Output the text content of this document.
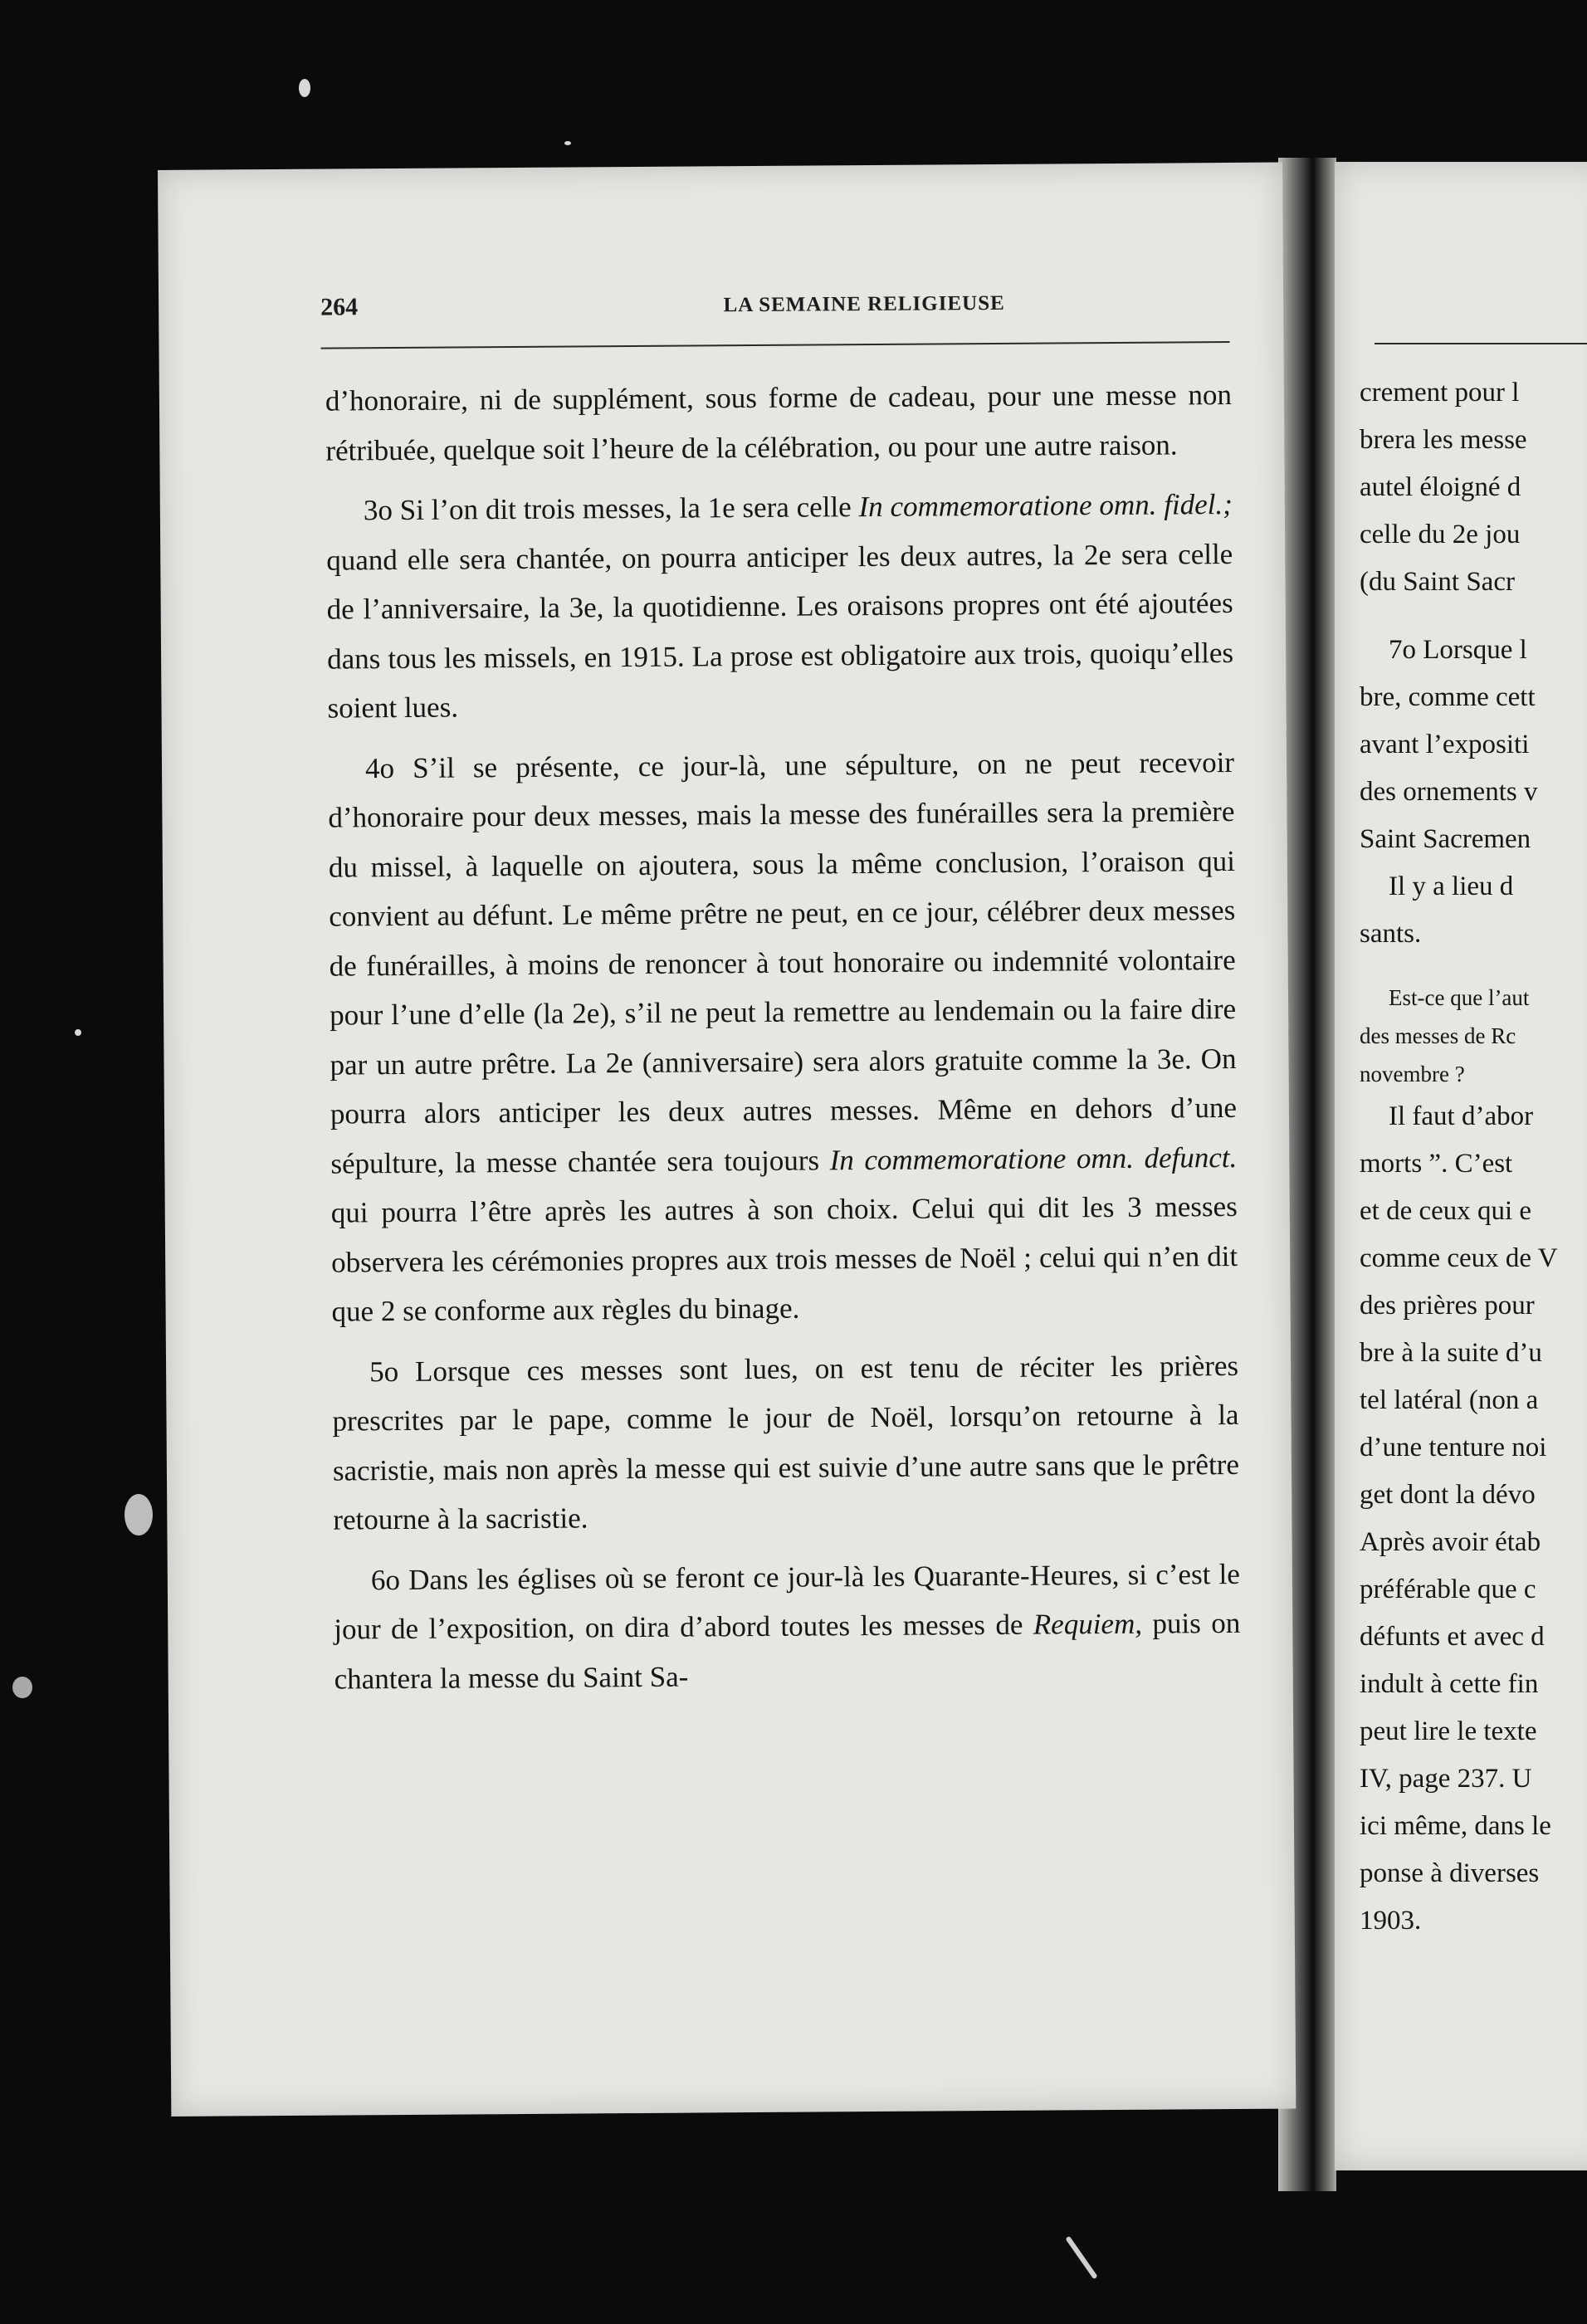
264	LA SEMAINE RELIGIEUSE

d’honoraire, ni de supplément, sous forme de cadeau, pour une messe non rétribuée, quelque soit l’heure de la célébration, ou pour une autre raison.

3o Si l’on dit trois messes, la 1e sera celle In commemoratione omn. fidel.; quand elle sera chantée, on pourra anticiper les deux autres, la 2e sera celle de l’anniversaire, la 3e, la quotidienne. Les oraisons propres ont été ajoutées dans tous les missels, en 1915. La prose est obligatoire aux trois, quoiqu’elles soient lues.

4o S’il se présente, ce jour-là, une sépulture, on ne peut recevoir d’honoraire pour deux messes, mais la messe des funérailles sera la première du missel, à laquelle on ajoutera, sous la même conclusion, l’oraison qui convient au défunt. Le même prêtre ne peut, en ce jour, célébrer deux messes de funérailles, à moins de renoncer à tout honoraire ou indemnité volontaire pour l’une d’elle (la 2e), s’il ne peut la remettre au lendemain ou la faire dire par un autre prêtre. La 2e (anniversaire) sera alors gratuite comme la 3e. On pourra alors anticiper les deux autres messes. Même en dehors d’une sépulture, la messe chantée sera toujours In commemoratione omn. defunct. qui pourra l’être après les autres à son choix. Celui qui dit les 3 messes observera les cérémonies propres aux trois messes de Noël ; celui qui n’en dit que 2 se conforme aux règles du binage.

5o Lorsque ces messes sont lues, on est tenu de réciter les prières prescrites par le pape, comme le jour de Noël, lorsqu’on retourne à la sacristie, mais non après la messe qui est suivie d’une autre sans que le prêtre retourne à la sacristie.

6o Dans les églises où se feront ce jour-là les Quarante-Heures, si c’est le jour de l’exposition, on dira d’abord toutes les messes de Requiem, puis on chantera la messe du Saint Sa-

crement pour l
brera les messe
autel éloigné d
celle du 2e jou
(du Saint Sacr
7o Lorsque l
bre, comme cett
avant l’expositi
des ornements v
Saint Sacremen
Il y a lieu d
sants.
Est-ce que l’aut
des messes de Rc
novembre ?
Il faut d’abor
morts ”. C’est
et de ceux qui e
comme ceux de V
des prières pour
bre à la suite d’u
tel latéral (non a
d’une tenture noi
get dont la dévo
Après avoir étab
préférable que c
défunts et avec d
indult à cette fin
peut lire le texte
IV, page 237. U
ici même, dans le
ponse à diverses
1903.
